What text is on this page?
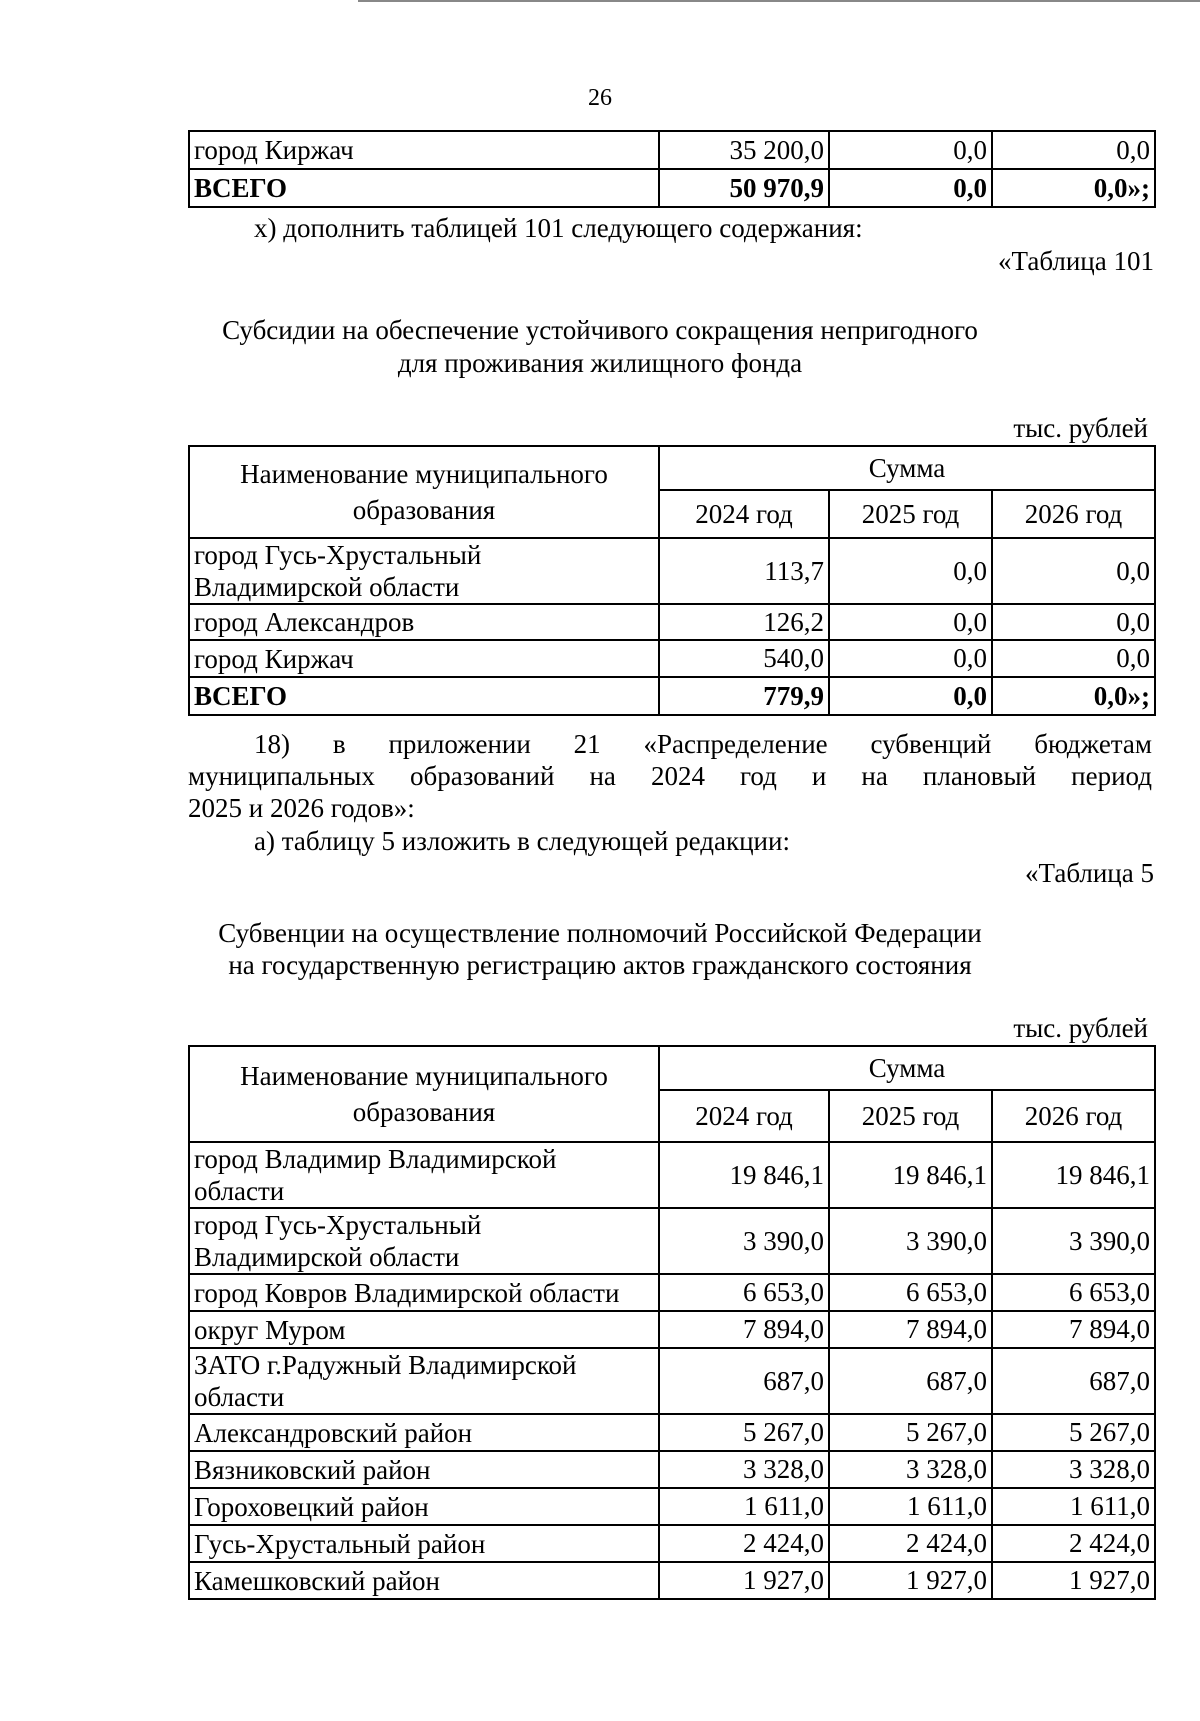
26
город Киржач	35 200,0	0,0	0,0
ВСЕГО	50 970,9	0,0	0,0»;
х) дополнить таблицей 101 следующего содержания:
«Таблица 101
Субсидии на обеспечение устойчивого сокращения непригодного
для проживания жилищного фонда
тыс. рублей
Наименование муниципального
образования	Сумма		
	2024 год	2025 год	2026 год

город Гусь-Хрустальный
Владимирской области	113,7	0,0	0,0
город Александров	126,2	0,0	0,0
город Киржач	540,0	0,0	0,0
ВСЕГО	779,9	0,0	0,0»;
18) в приложении 21 «Распределение субвенций бюджетам
муниципальных образований на 2024 год и на плановый период
2025 и 2026 годов»:
а) таблицу 5 изложить в следующей редакции:
«Таблица 5
Субвенции на осуществление полномочий Российской Федерации
на государственную регистрацию актов гражданского состояния
тыс. рублей
Наименование муниципального
образования	Сумма		
	2024 год	2025 год	2026 год

город Владимир Владимирской
области	19 846,1	19 846,1	19 846,1

город Гусь-Хрустальный
Владимирской области	3 390,0	3 390,0	3 390,0
город Ковров Владимирской области	6 653,0	6 653,0	6 653,0
округ Муром	7 894,0	7 894,0	7 894,0

ЗАТО г.Радужный Владимирской
области	687,0	687,0	687,0
Александровский район	5 267,0	5 267,0	5 267,0
Вязниковский район	3 328,0	3 328,0	3 328,0
Гороховецкий район	1 611,0	1 611,0	1 611,0
Гусь-Хрустальный район	2 424,0	2 424,0	2 424,0
Камешковский район	1 927,0	1 927,0	1 927,0
